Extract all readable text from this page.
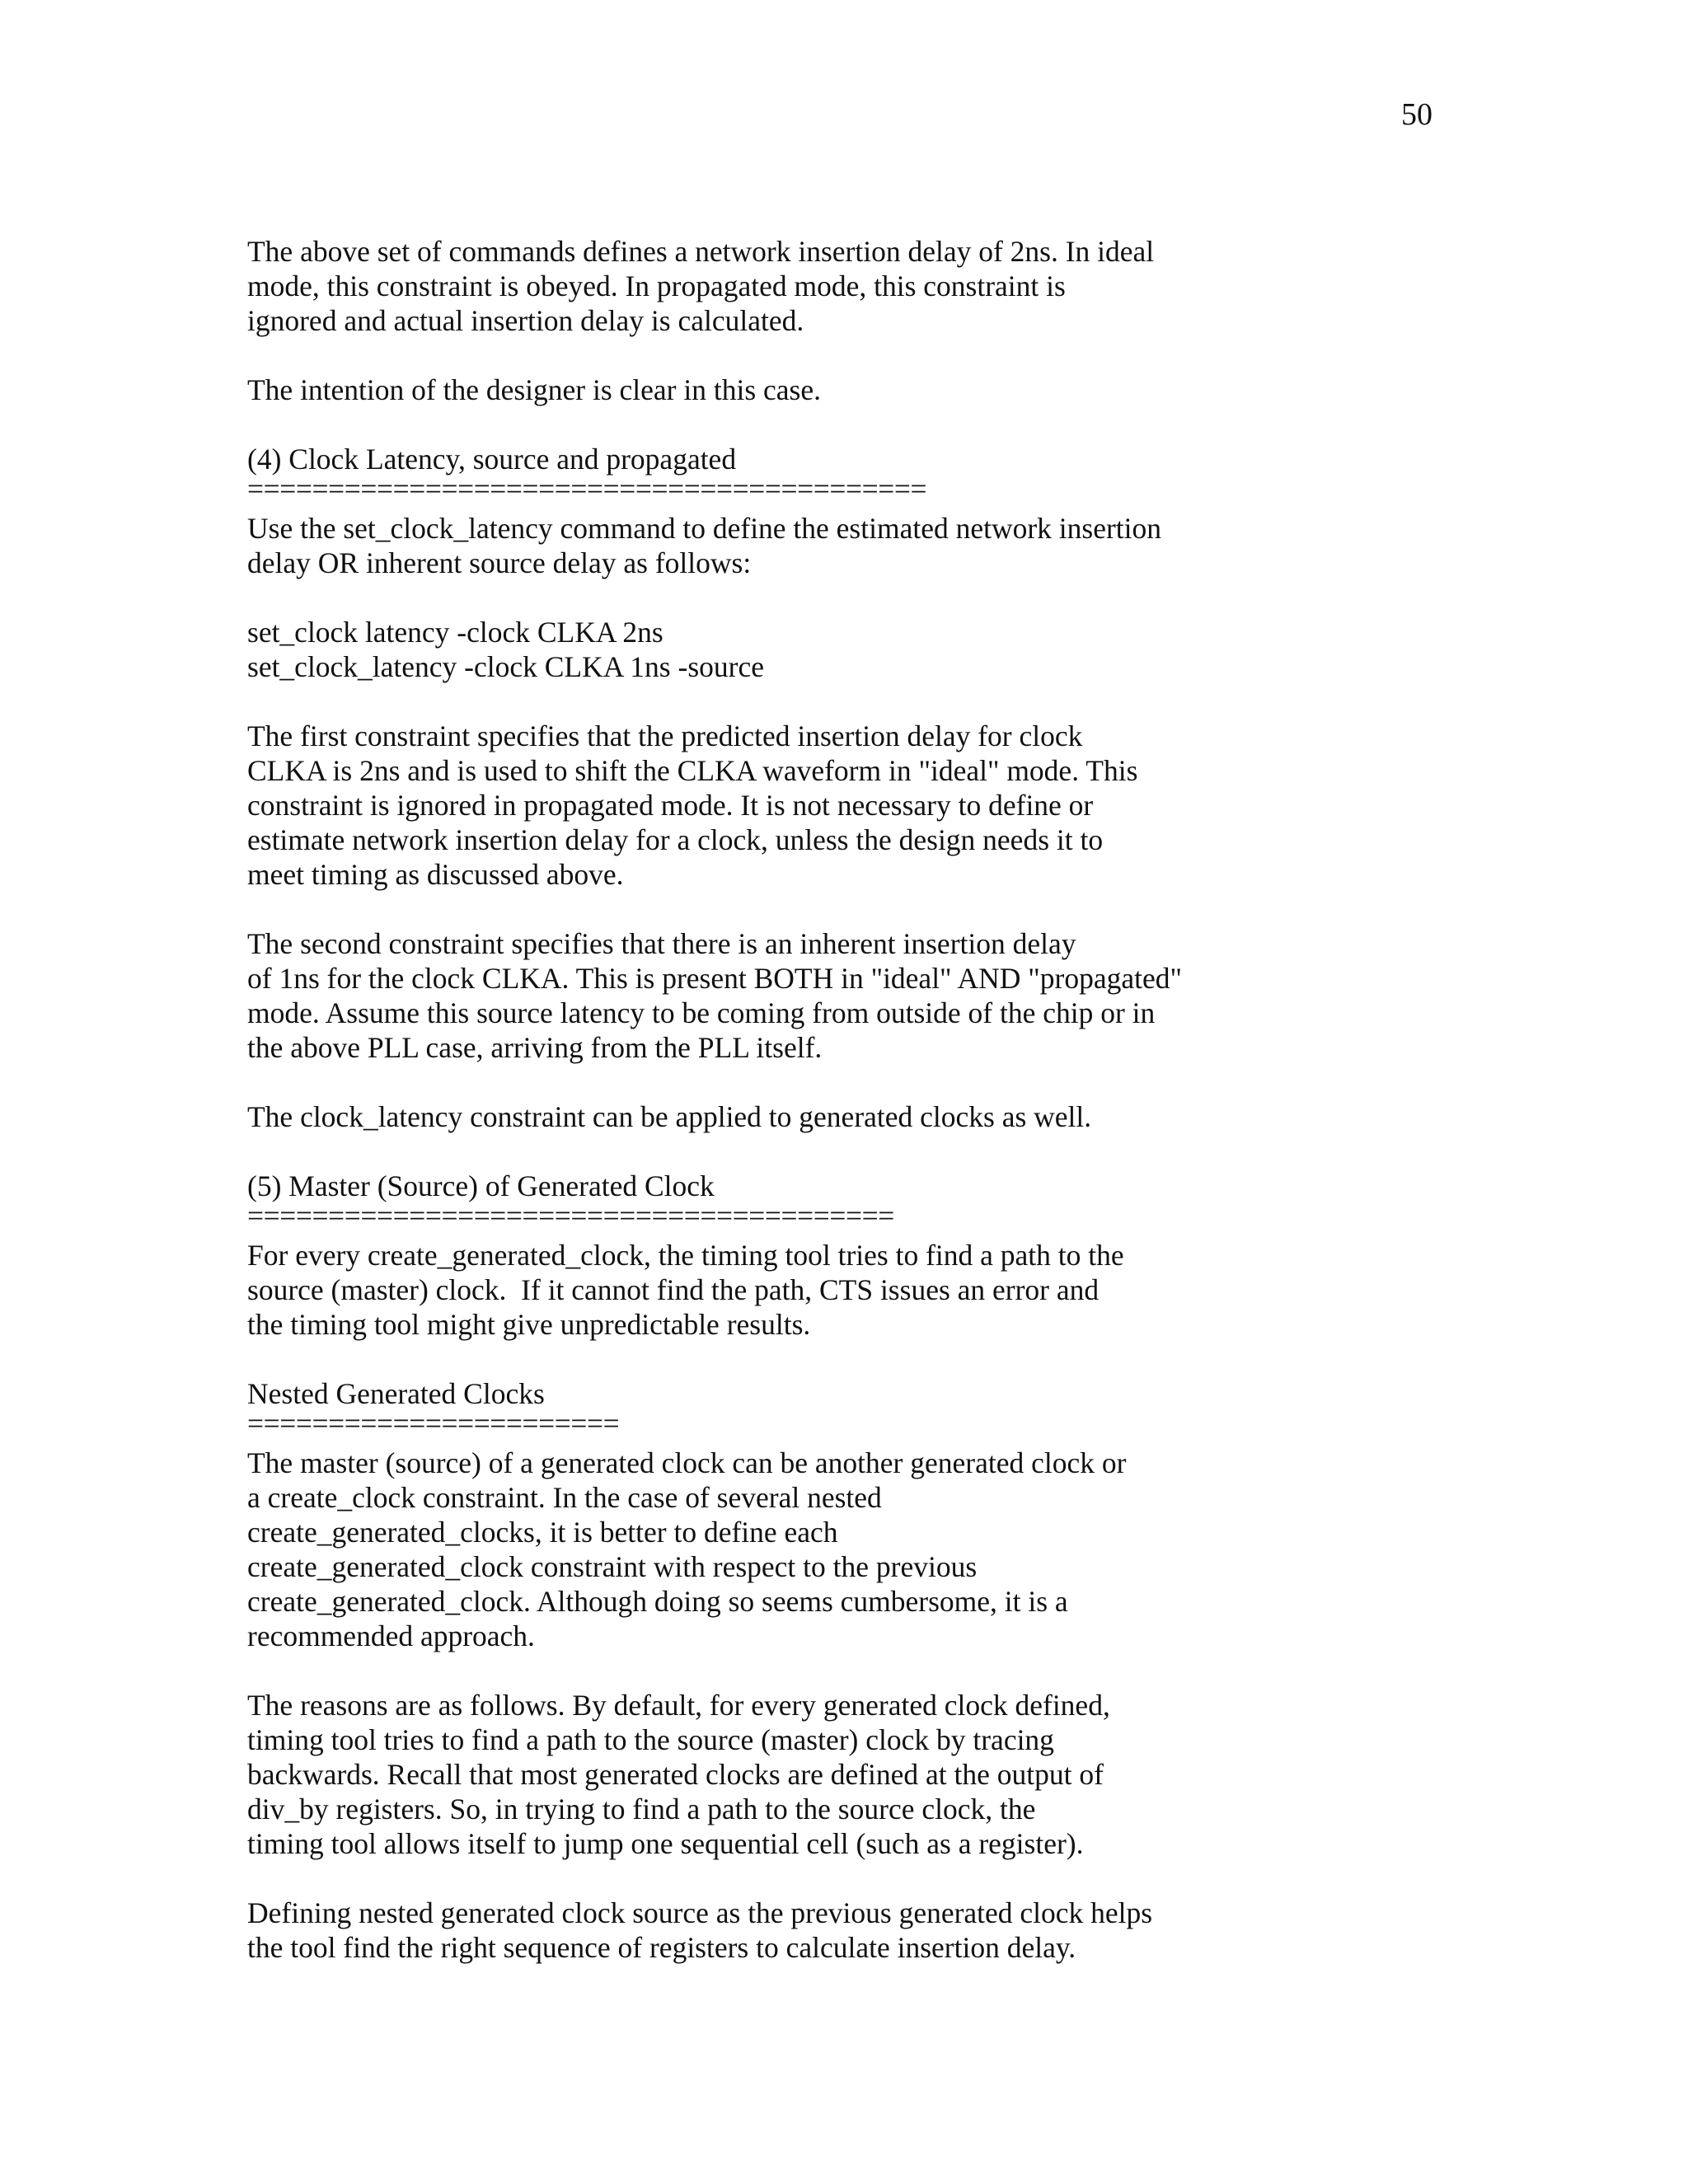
50
The above set of commands defines a network insertion delay of 2ns. In ideal
mode, this constraint is obeyed. In propagated mode, this constraint is
ignored and actual insertion delay is calculated.
The intention of the designer is clear in this case.
(4) Clock Latency, source and propagated
==========================================
Use the set_clock_latency command to define the estimated network insertion
delay OR inherent source delay as follows:
set_clock latency -clock CLKA 2ns
set_clock_latency -clock CLKA 1ns -source
The first constraint specifies that the predicted insertion delay for clock
CLKA is 2ns and is used to shift the CLKA waveform in "ideal" mode. This
constraint is ignored in propagated mode. It is not necessary to define or
estimate network insertion delay for a clock, unless the design needs it to
meet timing as discussed above.
The second constraint specifies that there is an inherent insertion delay
of 1ns for the clock CLKA. This is present BOTH in "ideal" AND "propagated"
mode. Assume this source latency to be coming from outside of the chip or in
the above PLL case, arriving from the PLL itself.
The clock_latency constraint can be applied to generated clocks as well.
(5) Master (Source) of Generated Clock
========================================
For every create_generated_clock, the timing tool tries to find a path to the
source (master) clock.  If it cannot find the path, CTS issues an error and
the timing tool might give unpredictable results.
Nested Generated Clocks
=======================
The master (source) of a generated clock can be another generated clock or
a create_clock constraint. In the case of several nested
create_generated_clocks, it is better to define each
create_generated_clock constraint with respect to the previous
create_generated_clock. Although doing so seems cumbersome, it is a
recommended approach.
The reasons are as follows. By default, for every generated clock defined,
timing tool tries to find a path to the source (master) clock by tracing
backwards. Recall that most generated clocks are defined at the output of
div_by registers. So, in trying to find a path to the source clock, the
timing tool allows itself to jump one sequential cell (such as a register).
Defining nested generated clock source as the previous generated clock helps
the tool find the right sequence of registers to calculate insertion delay.
